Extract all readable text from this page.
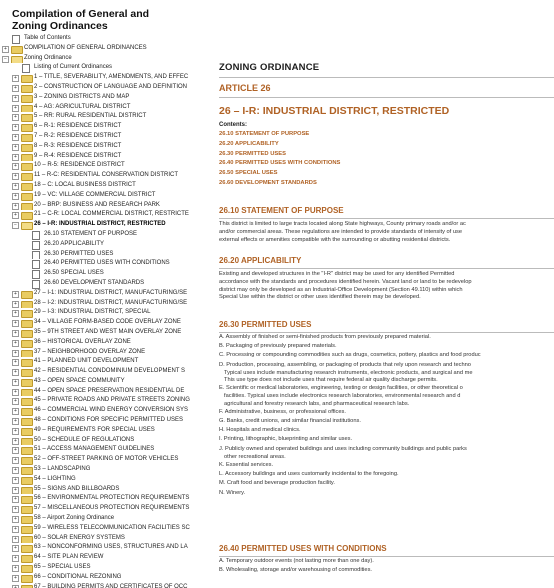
Compilation of General and
Zoning Ordinances
Table of Contents
+	COMPILATION OF GENERAL ORDINANCES
−	Zoning Ordinance
Listing of Current Ordinances
+	1 – TITLE, SEVERABILITY, AMENDMENTS, AND EFFEC
+	2 – CONSTRUCTION OF LANGUAGE AND DEFINITION
+	3 – ZONING DISTRICTS AND MAP
+	4 – AG: AGRICULTURAL DISTRICT
+	5 – RR: RURAL RESIDENTIAL DISTRICT
+	6 – R-1: RESIDENCE DISTRICT
+	7 – R-2: RESIDENCE DISTRICT
+	8 – R-3: RESIDENCE DISTRICT
+	9 – R-4: RESIDENCE DISTRICT
+	10 – R-5: RESIDENCE DISTRICT
+	11 – R-C: RESIDENTIAL CONSERVATION DISTRICT
+	18 – C: LOCAL BUSINESS DISTRICT
+	19 – VC: VILLAGE COMMERCIAL DISTRICT
+	20 – BRP: BUSINESS AND RESEARCH PARK
+	21 – C-R: LOCAL COMMERCIAL DISTRICT, RESTRICTE
−	26 – I-R: INDUSTRIAL DISTRICT, RESTRICTED
26.10 STATEMENT OF PURPOSE
26.20 APPLICABILITY
26.30 PERMITTED USES
26.40 PERMITTED USES WITH CONDITIONS
26.50 SPECIAL USES
26.60 DEVELOPMENT STANDARDS
+	27 – I-1: INDUSTRIAL DISTRICT, MANUFACTURING/SE
+	28 – I-2: INDUSTRIAL DISTRICT, MANUFACTURING/SE
+	29 – I-3: INDUSTRIAL DISTRICT, SPECIAL
+	34 – VILLAGE FORM-BASED CODE OVERLAY ZONE
+	35 – 9TH STREET AND WEST MAIN OVERLAY ZONE
+	36 – HISTORICAL OVERLAY ZONE
+	37 – NEIGHBORHOOD OVERLAY ZONE
+	41 – PLANNED UNIT DEVELOPMENT
+	42 – RESIDENTIAL CONDOMINIUM DEVELOPMENT S
+	43 – OPEN SPACE COMMUNITY
+	44 – OPEN SPACE PRESERVATION RESIDENTIAL DE
+	45 – PRIVATE ROADS AND PRIVATE STREETS ZONING
+	46 – COMMERCIAL WIND ENERGY CONVERSION SYS
+	48 – CONDITIONS FOR SPECIFIC PERMITTED USES
+	49 – REQUIREMENTS FOR SPECIAL USES
+	50 – SCHEDULE OF REGULATIONS
+	51 – ACCESS MANAGEMENT GUIDELINES
+	52 – OFF-STREET PARKING OF MOTOR VEHICLES
+	53 – LANDSCAPING
+	54 – LIGHTING
+	55 – SIGNS AND BILLBOARDS
+	56 – ENVIRONMENTAL PROTECTION REQUIREMENTS
+	57 – MISCELLANEOUS PROTECTION REQUIREMENTS
+	58 – Airport Zoning Ordinance
+	59 – WIRELESS TELECOMMUNICATION FACILITIES SC
+	60 – SOLAR ENERGY SYSTEMS
+	63 – NONCONFORMING USES, STRUCTURES AND LA
+	64 – SITE PLAN REVIEW
+	65 – SPECIAL USES
+	66 – CONDITIONAL REZONING
+	67 – BUILDING PERMITS AND CERTIFICATES OF OCC
ZONING ORDINANCE
ARTICLE 26
26 – I-R: INDUSTRIAL DISTRICT, RESTRICTED
Contents:
26.10 STATEMENT OF PURPOSE
26.20 APPLICABILITY
26.30 PERMITTED USES
26.40 PERMITTED USES WITH CONDITIONS
26.50 SPECIAL USES
26.60 DEVELOPMENT STANDARDS
26.10 STATEMENT OF PURPOSE

This district is limited to large tracts located along State highways, County primary roads and/or ac

and/or commercial areas. These regulations are intended to provide standards of intensity of use

external effects or amenities compatible with the surrounding or abutting residential districts.

26.20 APPLICABILITY

Existing and developed structures in the "I-R" district may be used for any identified Permitted

accordance with the standards and procedures identified herein. Vacant land or land to be redevelop

district may only be developed as an Industrial-Office Development (Section 49.110) within which

Special Use within the district or other uses identified therein may be developed.

26.30 PERMITTED USES
A. Assembly of finished or semi-finished products from previously prepared material.
B. Packaging of previously prepared materials.
C. Processing or compounding commodities such as drugs, cosmetics, pottery, plastics and food produc
D. Production, processing, assembling, or packaging of products that rely upon research and techno
Typical uses include manufacturing research instruments, electronic products, and surgical and me
This use type does not include uses that require federal air quality discharge permits.
E. Scientific or medical laboratories, engineering, testing or design facilities, or other theoretical o
facilities. Typical uses include electronics research laboratories, environmental research and d
agricultural and forestry research labs, and pharmaceutical research labs.
F. Administrative, business, or professional offices.
G. Banks, credit unions, and similar financial institutions.
H. Hospitals and medical clinics.
I. Printing, lithographic, blueprinting and similar uses.
J. Publicly owned and operated buildings and uses including community buildings and public parks
other recreational areas.
K. Essential services.
L. Accessory buildings and uses customarily incidental to the foregoing.
M. Craft food and beverage production facility.
N. Winery.
26.40 PERMITTED USES WITH CONDITIONS
A. Temporary outdoor events (not lasting more than one day).
B. Wholesaling, storage and/or warehousing of commodities.
